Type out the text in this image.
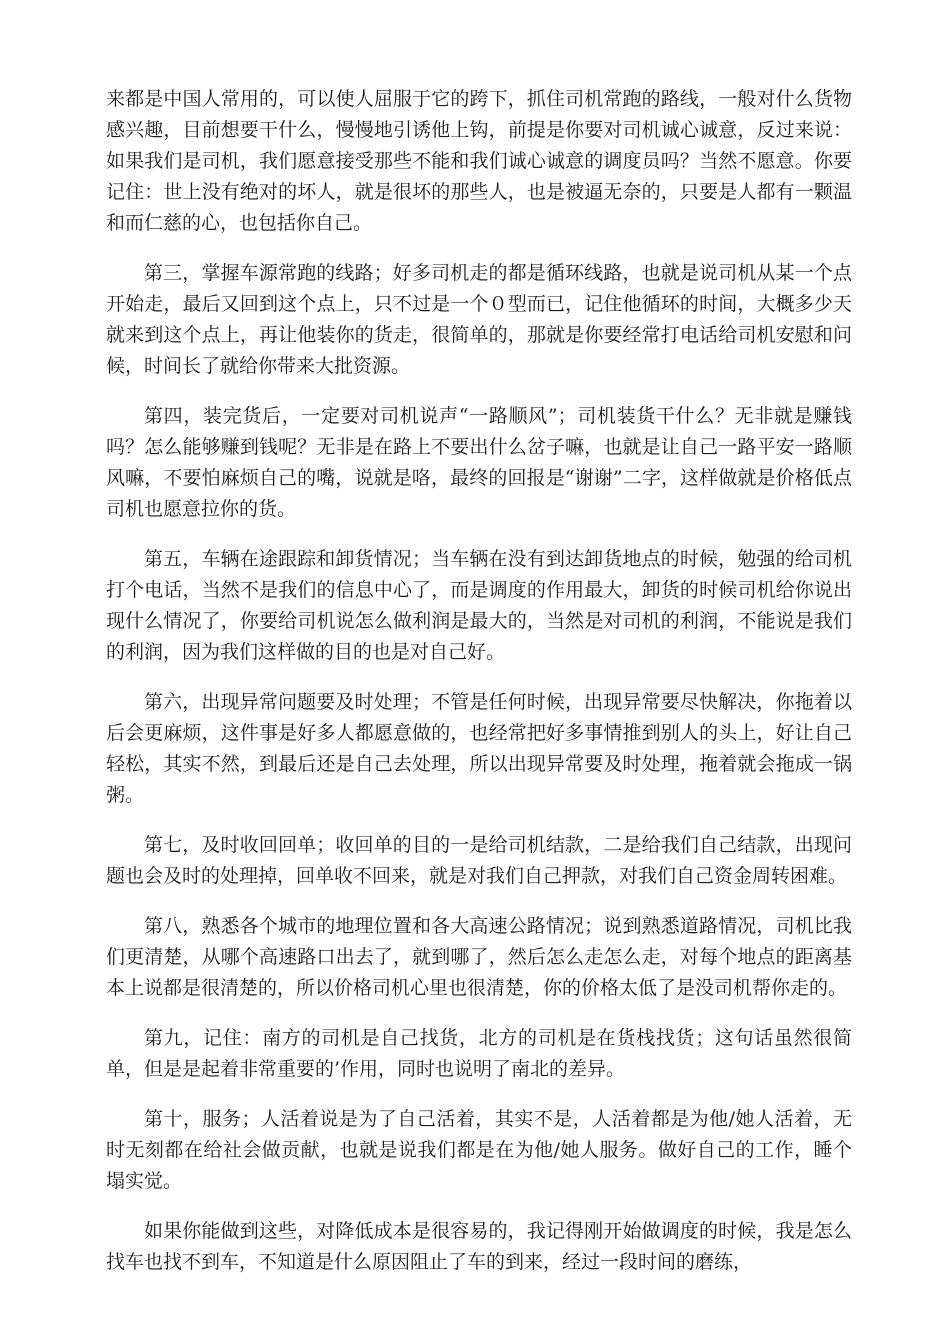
来都是中国人常用的，可以使人屈服于它的跨下，抓住司机常跑的路线，一般对什么货物感兴趣，目前想要干什么，慢慢地引诱他上钩，前提是你要对司机诚心诚意，反过来说：如果我们是司机，我们愿意接受那些不能和我们诚心诚意的调度员吗？当然不愿意。你要记住：世上没有绝对的坏人，就是很坏的那些人，也是被逼无奈的，只要是人都有一颗温和而仁慈的心，也包括你自己。

第三，掌握车源常跑的线路；好多司机走的都是循环线路，也就是说司机从某一个点开始走，最后又回到这个点上，只不过是一个０型而已，记住他循环的时间，大概多少天就来到这个点上，再让他装你的货走，很简单的，那就是你要经常打电话给司机安慰和问候，时间长了就给你带来大批资源。

第四，装完货后，一定要对司机说声“一路顺风”；司机装货干什么？无非就是赚钱吗？怎么能够赚到钱呢？无非是在路上不要出什么岔子嘛，也就是让自己一路平安一路顺风嘛，不要怕麻烦自己的嘴，说就是咯，最终的回报是“谢谢”二字，这样做就是价格低点司机也愿意拉你的货。

第五，车辆在途跟踪和卸货情况；当车辆在没有到达卸货地点的时候，勉强的给司机打个电话，当然不是我们的信息中心了，而是调度的作用最大，卸货的时候司机给你说出现什么情况了，你要给司机说怎么做利润是最大的，当然是对司机的利润，不能说是我们的利润，因为我们这样做的目的也是对自己好。

第六，出现异常问题要及时处理；不管是任何时候，出现异常要尽快解决，你拖着以后会更麻烦，这件事是好多人都愿意做的，也经常把好多事情推到别人的头上，好让自己轻松，其实不然，到最后还是自己去处理，所以出现异常要及时处理，拖着就会拖成一锅粥。

第七，及时收回回单；收回单的目的一是给司机结款，二是给我们自己结款，出现问题也会及时的处理掉，回单收不回来，就是对我们自己押款，对我们自己资金周转困难。

第八，熟悉各个城市的地理位置和各大高速公路情况；说到熟悉道路情况，司机比我们更清楚，从哪个高速路口出去了，就到哪了，然后怎么走怎么走，对每个地点的距离基本上说都是很清楚的，所以价格司机心里也很清楚，你的价格太低了是没司机帮你走的。

第九，记住：南方的司机是自己找货，北方的司机是在货栈找货；这句话虽然很简单，但是是起着非常重要的’作用，同时也说明了南北的差异。

第十，服务；人活着说是为了自己活着，其实不是，人活着都是为他/她人活着，无时无刻都在给社会做贡献，也就是说我们都是在为他/她人服务。做好自己的工作，睡个塌实觉。

如果你能做到这些，对降低成本是很容易的，我记得刚开始做调度的时候，我是怎么找车也找不到车，不知道是什么原因阻止了车的到来，经过一段时间的磨练，
